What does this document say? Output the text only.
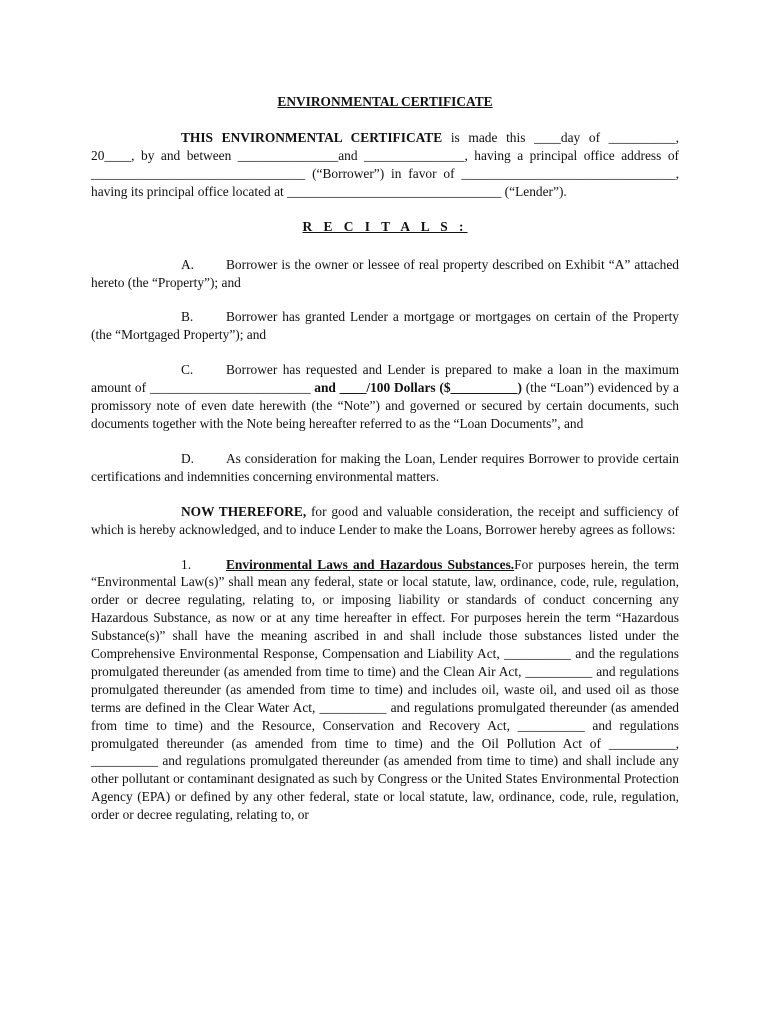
ENVIRONMENTAL CERTIFICATE

THIS ENVIRONMENTAL CERTIFICATE is made this ____day of __________, 20____, by and between _______________and _______________, having a principal office address of ________________________________ (“Borrower”) in favor of ________________________________, having its principal office located at ________________________________ (“Lender”).

R E C I T A L S :

A. Borrower is the owner or lessee of real property described on Exhibit “A” attached hereto (the “Property”); and

B. Borrower has granted Lender a mortgage or mortgages on certain of the Property (the “Mortgaged Property”); and

C. Borrower has requested and Lender is prepared to make a loan in the maximum amount of ________________________ and ____/100 Dollars ($__________) (the “Loan”) evidenced by a promissory note of even date herewith (the “Note”) and governed or secured by certain documents, such documents together with the Note being hereafter referred to as the “Loan Documents”, and

D. As consideration for making the Loan, Lender requires Borrower to provide certain certifications and indemnities concerning environmental matters.

NOW THEREFORE, for good and valuable consideration, the receipt and sufficiency of which is hereby acknowledged, and to induce Lender to make the Loans, Borrower hereby agrees as follows:

1.	Environmental Laws and Hazardous Substances.For purposes herein, the term “Environmental Law(s)” shall mean any federal, state or local statute, law, ordinance, code, rule, regulation, order or decree regulating, relating to, or imposing liability or standards of conduct concerning any Hazardous Substance, as now or at any time hereafter in effect. For purposes herein the term “Hazardous Substance(s)” shall have the meaning ascribed in and shall include those substances listed under the Comprehensive Environmental Response, Compensation and Liability Act, __________ and the regulations promulgated thereunder (as amended from time to time) and the Clean Air Act, __________ and regulations promulgated thereunder (as amended from time to time) and includes oil, waste oil, and used oil as those terms are defined in the Clear Water Act, __________ and regulations promulgated thereunder (as amended from time to time) and the Resource, Conservation and Recovery Act, __________ and regulations promulgated thereunder (as amended from time to time) and the Oil Pollution Act of __________, __________ and regulations promulgated thereunder (as amended from time to time) and shall include any other pollutant or contaminant designated as such by Congress or the United States Environmental Protection Agency (EPA) or defined by any other federal, state or local statute, law, ordinance, code, rule, regulation, order or decree regulating, relating to, or
